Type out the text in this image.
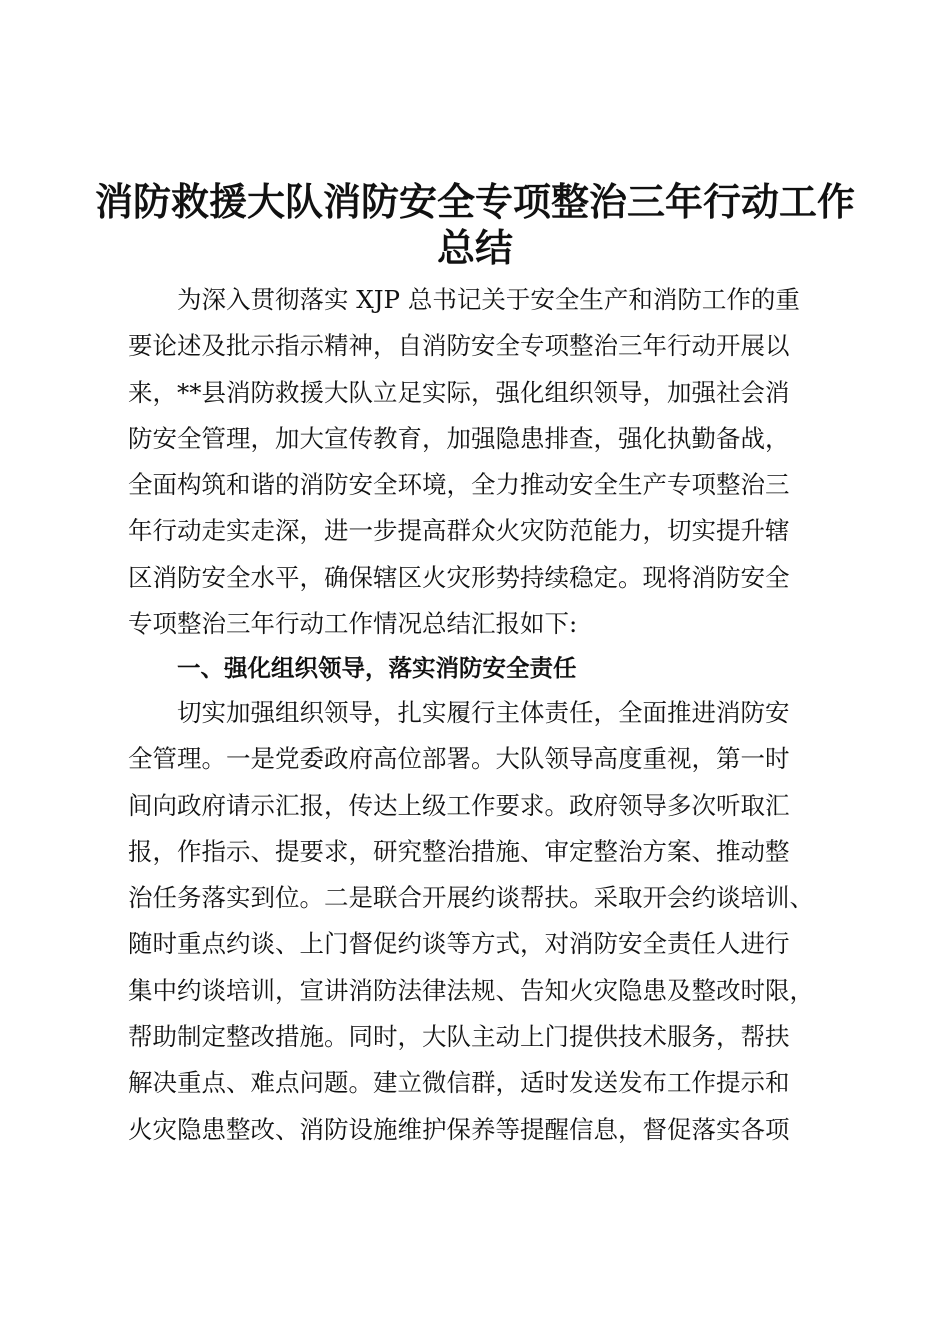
消防救援大队消防安全专项整治三年行动工作
总结
为深入贯彻落实 XJP 总书记关于安全生产和消防工作的重
要论述及批示指示精神，自消防安全专项整治三年行动开展以
来，**县消防救援大队立足实际，强化组织领导，加强社会消
防安全管理，加大宣传教育，加强隐患排查，强化执勤备战，
全面构筑和谐的消防安全环境，全力推动安全生产专项整治三
年行动走实走深，进一步提高群众火灾防范能力，切实提升辖
区消防安全水平，确保辖区火灾形势持续稳定。现将消防安全
专项整治三年行动工作情况总结汇报如下:
一、强化组织领导，落实消防安全责任
切实加强组织领导，扎实履行主体责任，全面推进消防安
全管理。一是党委政府高位部署。大队领导高度重视，第一时
间向政府请示汇报，传达上级工作要求。政府领导多次听取汇
报，作指示、提要求，研究整治措施、审定整治方案、推动整
治任务落实到位。二是联合开展约谈帮扶。采取开会约谈培训、
随时重点约谈、上门督促约谈等方式，对消防安全责任人进行
集中约谈培训，宣讲消防法律法规、告知火灾隐患及整改时限，
帮助制定整改措施。同时，大队主动上门提供技术服务，帮扶
解决重点、难点问题。建立微信群，适时发送发布工作提示和
火灾隐患整改、消防设施维护保养等提醒信息，督促落实各项
